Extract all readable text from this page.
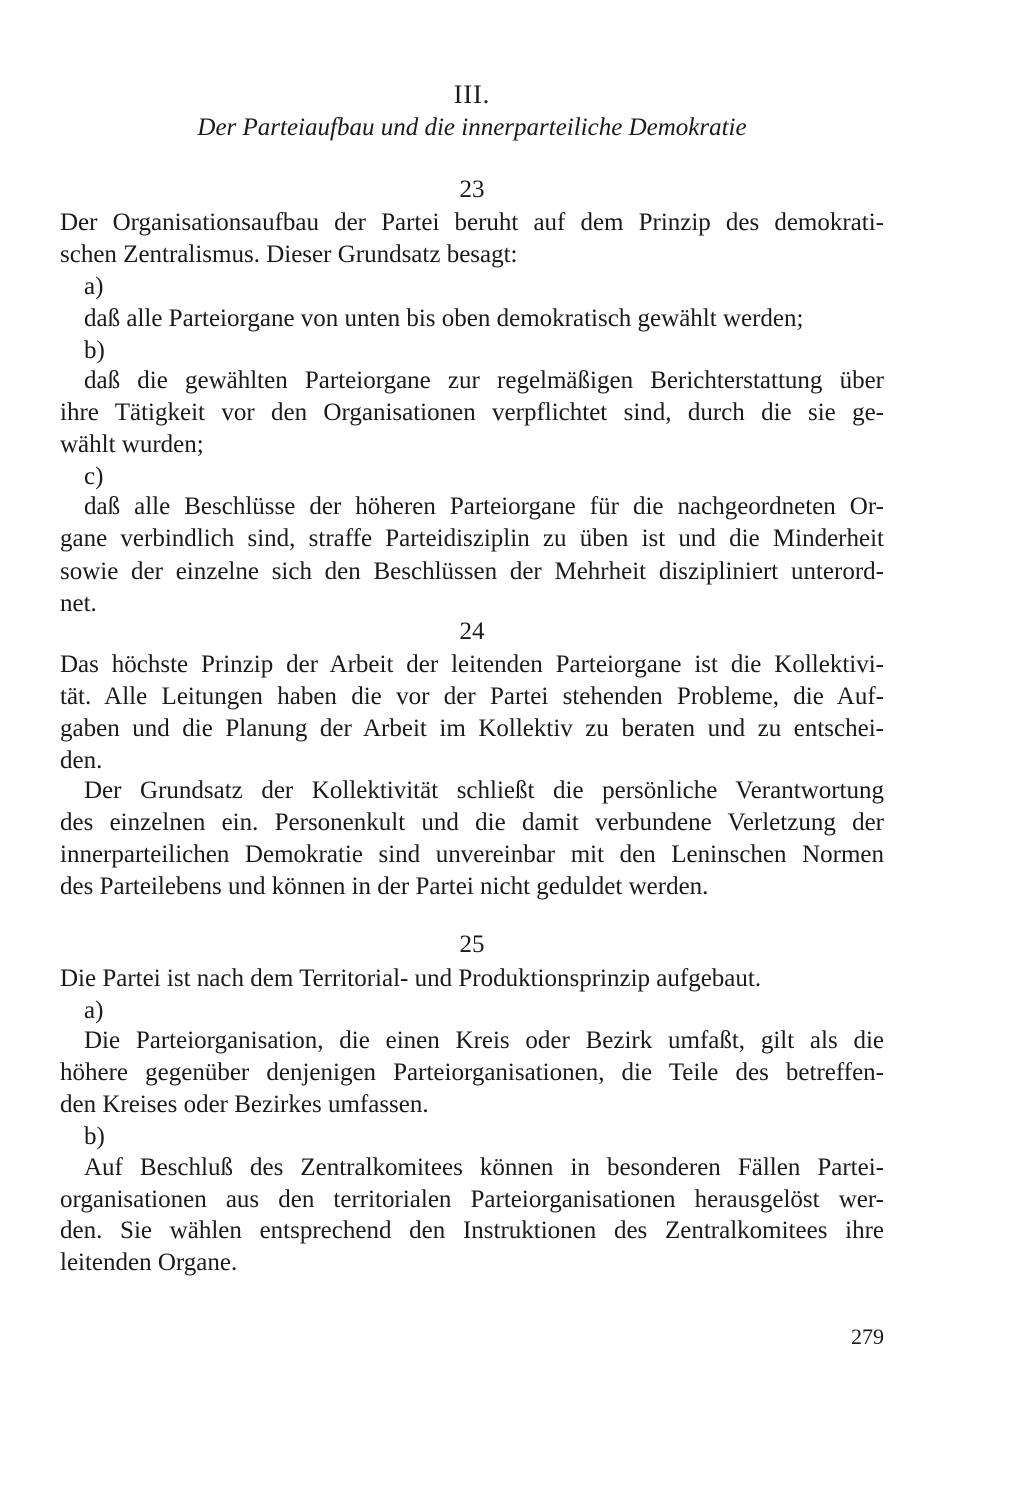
III.
Der Parteiaufbau und die innerparteiliche Demokratie
23
Der Organisationsaufbau der Partei beruht auf dem Prinzip des demokrati-
schen Zentralismus. Dieser Grundsatz besagt:
a)
daß alle Parteiorgane von unten bis oben demokratisch gewählt werden;
b)
daß die gewählten Parteiorgane zur regelmäßigen Berichterstattung über
ihre Tätigkeit vor den Organisationen verpflichtet sind, durch die sie ge-
wählt wurden;
c)
daß alle Beschlüsse der höheren Parteiorgane für die nachgeordneten Or-
gane verbindlich sind, straffe Parteidisziplin zu üben ist und die Minderheit
sowie der einzelne sich den Beschlüssen der Mehrheit diszipliniert unterord-
net.
24
Das höchste Prinzip der Arbeit der leitenden Parteiorgane ist die Kollektivi-
tät. Alle Leitungen haben die vor der Partei stehenden Probleme, die Auf-
gaben und die Planung der Arbeit im Kollektiv zu beraten und zu entschei-
den.
Der Grundsatz der Kollektivität schließt die persönliche Verantwortung
des einzelnen ein. Personenkult und die damit verbundene Verletzung der
innerparteilichen Demokratie sind unvereinbar mit den Leninschen Normen
des Parteilebens und können in der Partei nicht geduldet werden.
25
Die Partei ist nach dem Territorial- und Produktionsprinzip aufgebaut.
a)
Die Parteiorganisation, die einen Kreis oder Bezirk umfaßt, gilt als die
höhere gegenüber denjenigen Parteiorganisationen, die Teile des betreffen-
den Kreises oder Bezirkes umfassen.
b)
Auf Beschluß des Zentralkomitees können in besonderen Fällen Partei-
organisationen aus den territorialen Parteiorganisationen herausgelöst wer-
den. Sie wählen entsprechend den Instruktionen des Zentralkomitees ihre
leitenden Organe.
279
